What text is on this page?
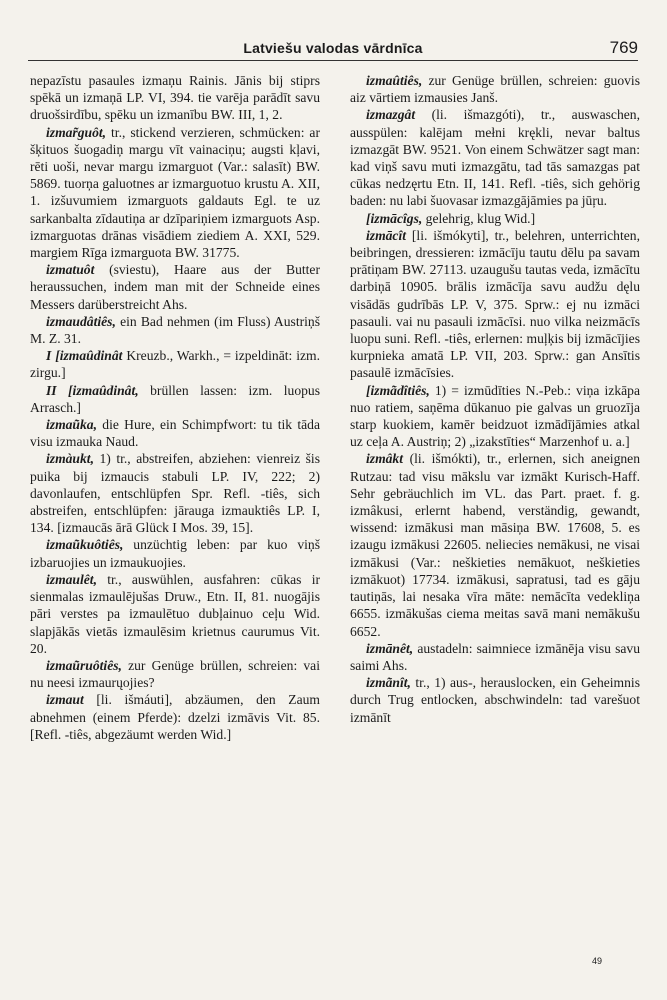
Latviešu valodas vārdnīca	769

nepazīstu pasaules izmaņu Rainis. Jānis bij stiprs spēkā un izmaņā LP. VI, 394. tie varēja parādīt savu druošsirdību, spēku un izmanību BW. III, 1, 2.

izmar̃guôt, tr., stickend verzieren, schmücken: ar šķituos šuogadiņ margu vīt vainaciņu; augsti kļavi, rēti uoši, nevar margu izmarguot (Var.: salasīt) BW. 5869. tuorņa galuotnes ar izmarguotuo krustu A. XII, 1. izšuvumiem izmarguots galdauts Egl. te uz sarkanbalta zīdautiņa ar dzīpariņiem izmarguots Asp. izmarguotas drānas visādiem ziediem A. XXI, 529. margiem Rīga izmarguota BW. 31775.

izmatuôt (sviestu), Haare aus der Butter heraussuchen, indem man mit der Schneide eines Messers darüberstreicht Ahs.

izmaudâtiês, ein Bad nehmen (im Fluss) Austriņš M. Z. 31.

I [izmaûdinât Kreuzb., Warkh., = izpeldināt: izm. zirgu.]

II [izmaûdinât, brüllen lassen: izm. luopus Arrasch.]

izmaũka, die Hure, ein Schimpfwort: tu tik tāda visu izmauka Naud.

izmàukt, 1) tr., abstreifen, abziehen: vienreiz šis puika bij izmaucis stabuli LP. IV, 222; 2) davonlaufen, entschlüpfen Spr. Refl. -tiês, sich abstreifen, entschlüpfen: jārauga izmauktiês LP. I, 134. [izmaucās ārā Glück I Mos. 39, 15].

izmaũkuôtiês, unzüchtig leben: par kuo viņš izbaruojies un izmaukuojies.

izmaulêt, tr., auswühlen, ausfahren: cūkas ir sienmalas izmaulējušas Druw., Etn. II, 81. nuogājis pāri verstes pa izmaulētuo dubļainuo ceļu Wid. slapjākās vietās izmaulēsim krietnus caurumus Vit. 20.

izmaũruôtiês, zur Genüge brüllen, schreien: vai nu neesi izmaurųojies?

izmaut [li. išmáuti], abzäumen, den Zaum abnehmen (einem Pferde): dzelzi izmāvis Vit. 85. [Refl. -tiês, abgezäumt werden Wid.]

izmaûtiês, zur Genüge brüllen, schreien: guovis aiz vārtiem izmausies Janš.

izmazgât (li. išmazgóti), tr., auswaschen, ausspülen: kalējam mełni krękli, nevar baltus izmazgāt BW. 9521. Von einem Schwätzer sagt man: kad viņš savu muti izmazgātu, tad tās samazgas pat cūkas nedzęrtu Etn. II, 141. Refl. -tiês, sich gehörig baden: nu labi šuovasar izmazgājāmies pa jūŗu.

[izmācîgs, gelehrig, klug Wid.]

izmācît [li. išmókyti], tr., belehren, unterrichten, beibringen, dressieren: izmācīju tautu dēlu pa savam prātiņam BW. 27113. uzaugušu tautas veda, izmācītu darbiņā 10905. brālis izmācīja savu audžu dęlu visādās gudrībās LP. V, 375. Sprw.: ej nu izmāci pasauli. vai nu pasauli izmācīsi. nuo vilka neizmācīs luopu suni. Refl. -tiês, erlernen: muļķis bij izmācījies kurpnieka amatā LP. VII, 203. Sprw.: gan Ansītis pasaulē izmācīsies.

[izmãdîtiês, 1) = izmūdīties N.-Peb.: viņa izkāpa nuo ratiem, saņēma dūkanuo pie galvas un gruozīja starp kuokiem, kamēr beidzuot izmādījāmies atkal uz ceļa A. Austriņ; 2) „izakstīties“ Marzenhof u. a.]

izmâkt (li. išmókti), tr., erlernen, sich aneignen Rutzau: tad visu mākslu var izmākt Kurisch-Haff. Sehr gebräuchlich im VL. das Part. praet. f. g. izmâkusi, erlernt habend, verständig, gewandt, wissend: izmākusi man māsiņa BW. 17608, 5. es izaugu izmākusi 22605. neliecies nemākusi, ne visai izmākusi (Var.: neškieties nemākuot, neškieties izmākuot) 17734. izmākusi, sapratusi, tad es gāju tautiņās, lai nesaka vīra māte: nemācīta vedekliņa 6655. izmākušas ciema meitas savā mani nemākušu 6652.

izmānêt, austadeln: saimniece izmānēja visu savu saimi Ahs.

izmãnît, tr., 1) aus-, herauslocken, ein Geheimnis durch Trug entlocken, abschwindeln: tad varešuot izmānīt

49
